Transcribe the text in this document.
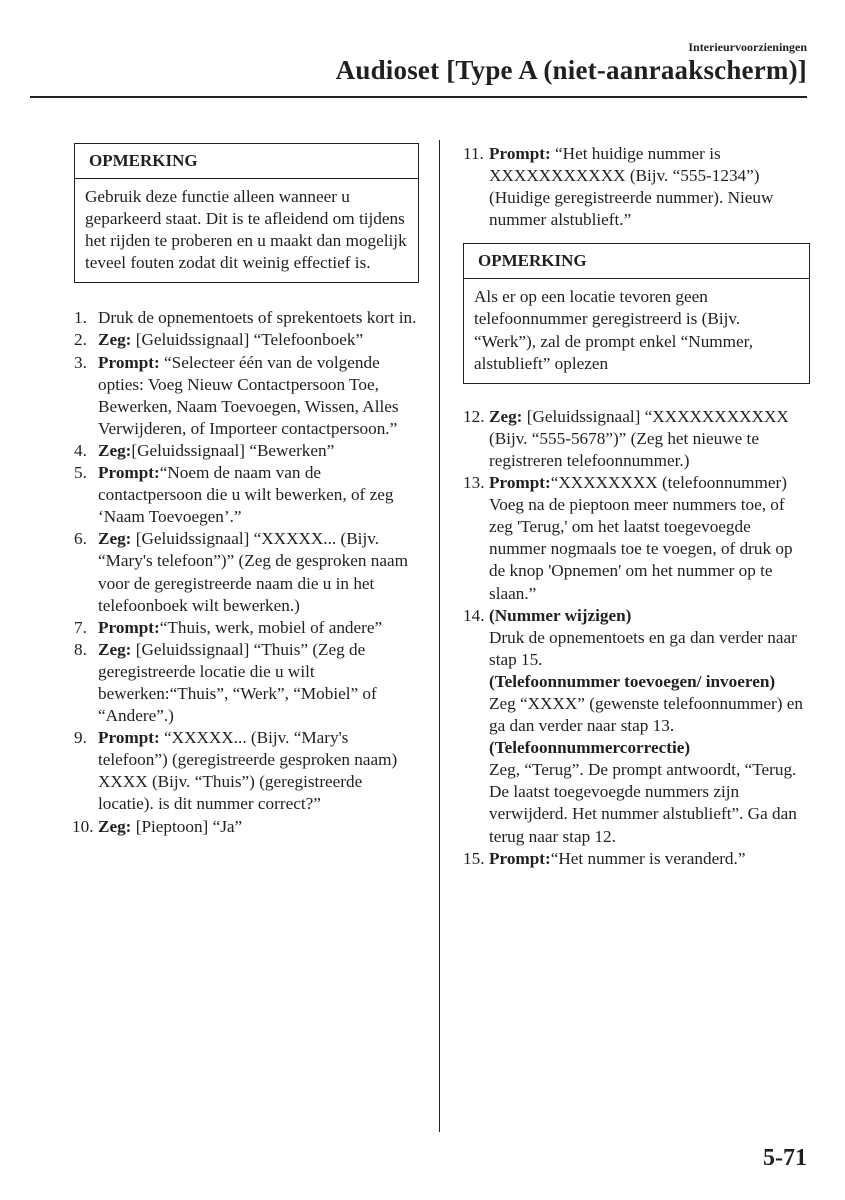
Interieurvoorzieningen
Audioset [Type A (niet-aanraakscherm)]
OPMERKING
Gebruik deze functie alleen wanneer u geparkeerd staat. Dit is te afleidend om tijdens het rijden te proberen en u maakt dan mogelijk teveel fouten zodat dit weinig effectief is.
1. Druk de opnementoets of sprekentoets kort in.
2. Zeg: [Geluidssignaal] “Telefoonboek”
3. Prompt: “Selecteer één van de volgende opties: Voeg Nieuw Contactpersoon Toe, Bewerken, Naam Toevoegen, Wissen, Alles Verwijderen, of Importeer contactpersoon.”
4. Zeg:[Geluidssignaal] “Bewerken”
5. Prompt:“Noem de naam van de contactpersoon die u wilt bewerken, of zeg ‘Naam Toevoegen’.”
6. Zeg: [Geluidssignaal] “XXXXX... (Bijv. “Mary's telefoon”)” (Zeg de gesproken naam voor de geregistreerde naam die u in het telefoonboek wilt bewerken.)
7. Prompt:“Thuis, werk, mobiel of andere”
8. Zeg: [Geluidssignaal] “Thuis” (Zeg de geregistreerde locatie die u wilt bewerken:“Thuis”, “Werk”, “Mobiel” of “Andere”.)
9. Prompt: “XXXXX... (Bijv. “Mary's telefoon”) (geregistreerde gesproken naam) XXXX (Bijv. “Thuis”) (geregistreerde locatie). is dit nummer correct?”
10. Zeg: [Pieptoon] “Ja”
11. Prompt: “Het huidige nummer is XXXXXXXXXXX (Bijv. “555-1234”) (Huidige geregistreerde nummer). Nieuw nummer alstublieft.”
OPMERKING
Als er op een locatie tevoren geen telefoonnummer geregistreerd is (Bijv. “Werk”), zal de prompt enkel “Nummer, alstublieft” oplezen
12. Zeg: [Geluidssignaal] “XXXXXXXXXXX (Bijv. “555-5678”)” (Zeg het nieuwe te registreren telefoonnummer.)
13. Prompt:“XXXXXXXX (telefoonnummer) Voeg na de pieptoon meer nummers toe, of zeg 'Terug,' om het laatst toegevoegde nummer nogmaals toe te voegen, of druk op de knop 'Opnemen' om het nummer op te slaan.”
14. (Nummer wijzigen)
Druk de opnementoets en ga dan verder naar stap 15.
(Telefoonnummer toevoegen/ invoeren)
Zeg “XXXX” (gewenste telefoonnummer) en ga dan verder naar stap 13.
(Telefoonnummercorrectie)
Zeg, “Terug”. De prompt antwoordt, “Terug. De laatst toegevoegde nummers zijn verwijderd. Het nummer alstublieft”. Ga dan terug naar stap 12.
15. Prompt:“Het nummer is veranderd.”
5-71
